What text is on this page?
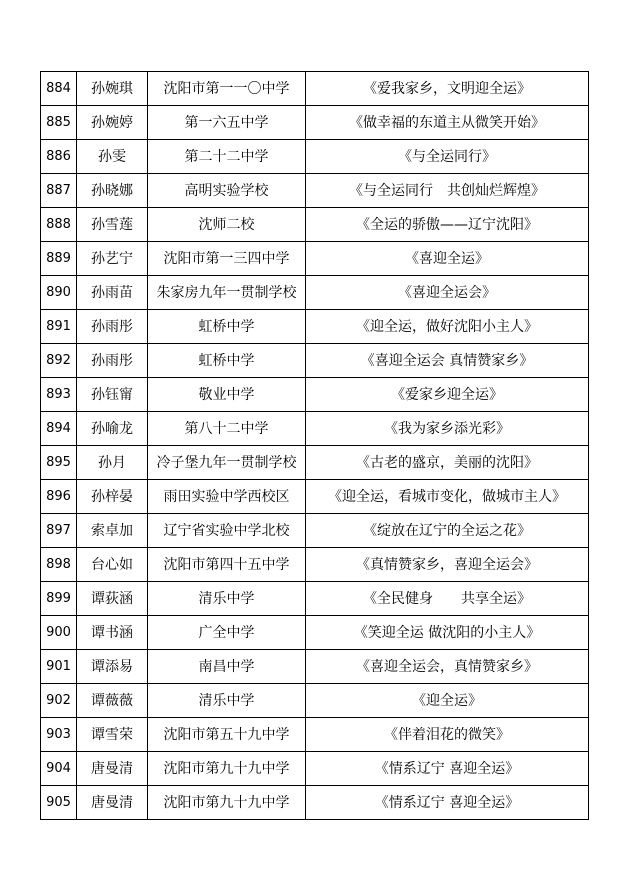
884	孙婉琪	沈阳市第一一〇中学	《爱我家乡，文明迎全运》
885	孙婉婷	第一六五中学	《做幸福的东道主从微笑开始》
886	孙雯	第二十二中学	《与全运同行》
887	孙晓娜	高明实验学校	《与全运同行　共创灿烂辉煌》
888	孙雪莲	沈师二校	《全运的骄傲——辽宁沈阳》
889	孙艺宁	沈阳市第一三四中学	《喜迎全运》
890	孙雨苗	朱家房九年一贯制学校	《喜迎全运会》
891	孙雨彤	虹桥中学	《迎全运，做好沈阳小主人》
892	孙雨彤	虹桥中学	《喜迎全运会 真情赞家乡》
893	孙钰甯	敬业中学	《爱家乡迎全运》
894	孙喻龙	第八十二中学	《我为家乡添光彩》
895	孙月	冷子堡九年一贯制学校	《古老的盛京，美丽的沈阳》
896	孙梓晏	雨田实验中学西校区	《迎全运，看城市变化，做城市主人》
897	索卓加	辽宁省实验中学北校	《绽放在辽宁的全运之花》
898	台心如	沈阳市第四十五中学	《真情赞家乡，喜迎全运会》
899	谭荻涵	清乐中学	《全民健身　　共享全运》
900	谭书涵	广全中学	《笑迎全运 做沈阳的小主人》
901	谭添易	南昌中学	《喜迎全运会，真情赞家乡》
902	谭薇薇	清乐中学	《迎全运》
903	谭雪荣	沈阳市第五十九中学	《伴着泪花的微笑》
904	唐曼清	沈阳市第九十九中学	《情系辽宁 喜迎全运》
905	唐曼清	沈阳市第九十九中学	《情系辽宁 喜迎全运》
